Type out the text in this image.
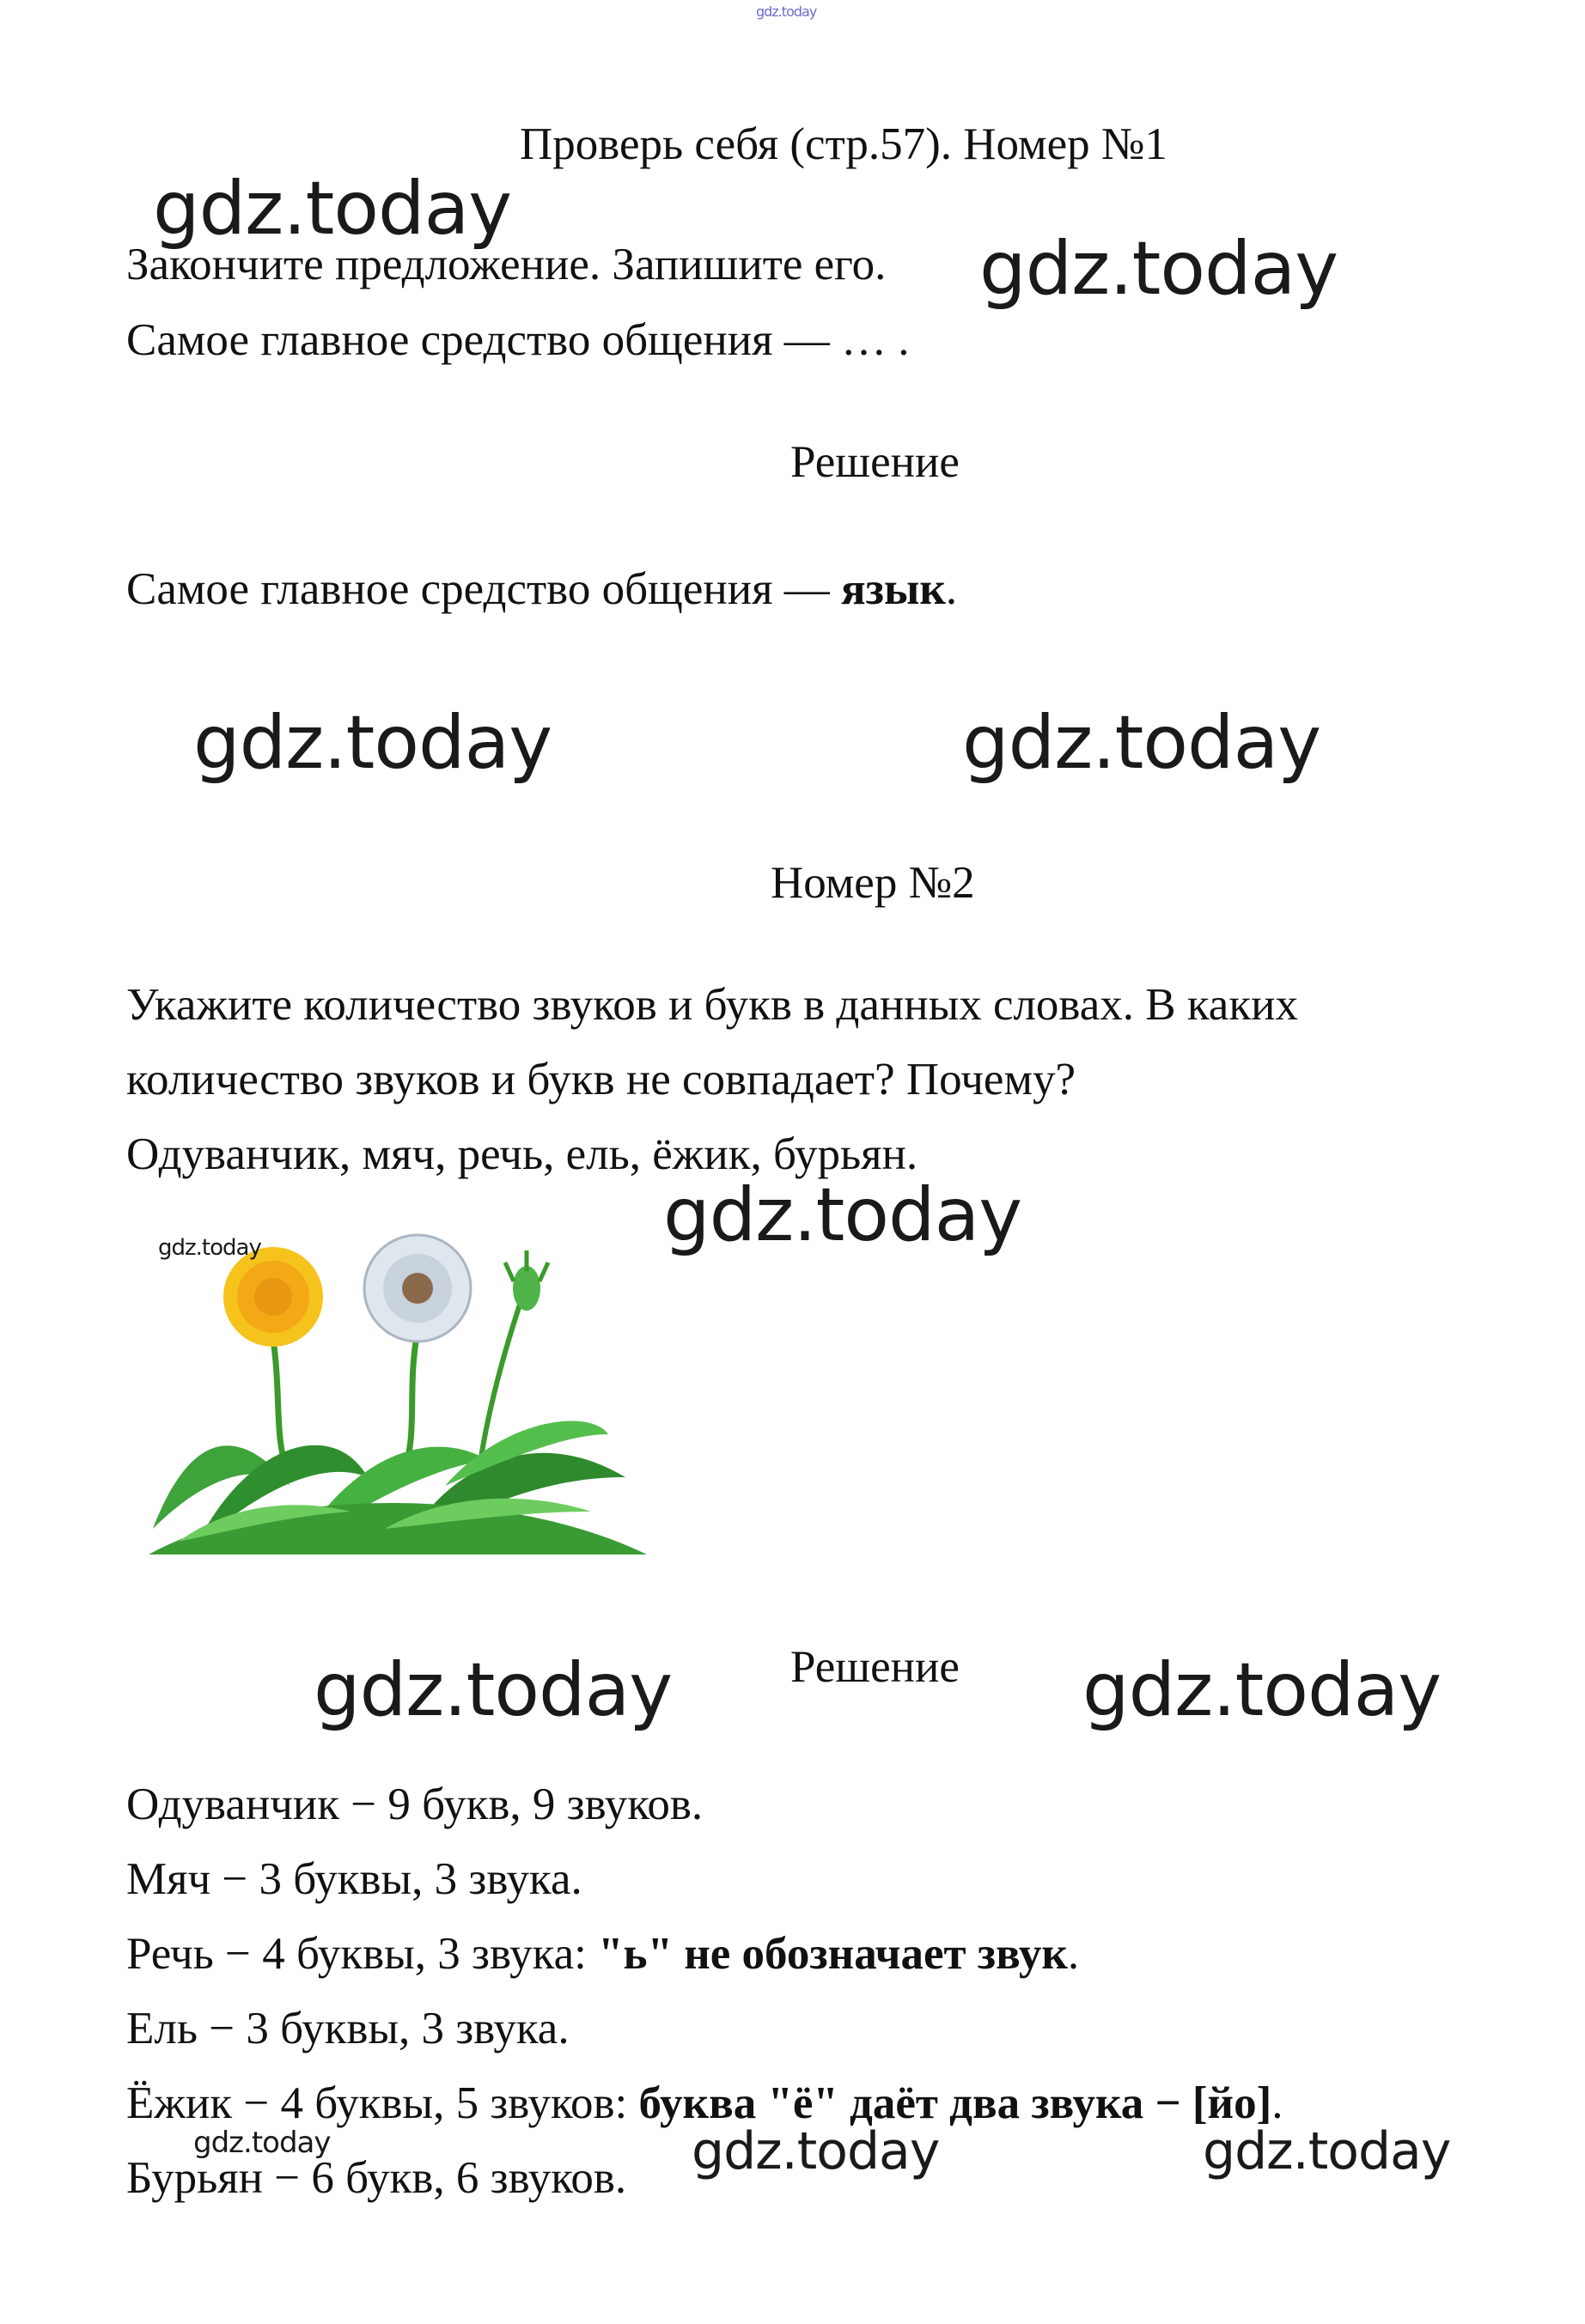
gdz.today
Проверь себя (стр.57). Номер №1
Закончите предложение. Запишите его.
Самое главное средство общения — … .
Решение
Самое главное средство общения — язык.
Номер №2
Укажите количество звуков и букв в данных словах. В каких
количество звуков и букв не совпадает? Почему?
Одуванчик, мяч, речь, ель, ёжик, бурьян.
gdz.today
Решение
Одуванчик − 9 букв, 9 звуков.
Мяч − 3 буквы, 3 звука.
Речь − 4 буквы, 3 звука: "ь" не обозначает звук.
Ель − 3 буквы, 3 звука.
Ёжик − 4 буквы, 5 звуков: буква "ё" даёт два звука − [йо].
Бурьян − 6 букв, 6 звуков.
gdz.today
gdz.today
gdz.today	gdz.today
gdz.today
gdz.today	gdz.today
gdz.today	gdz.today	gdz.today
